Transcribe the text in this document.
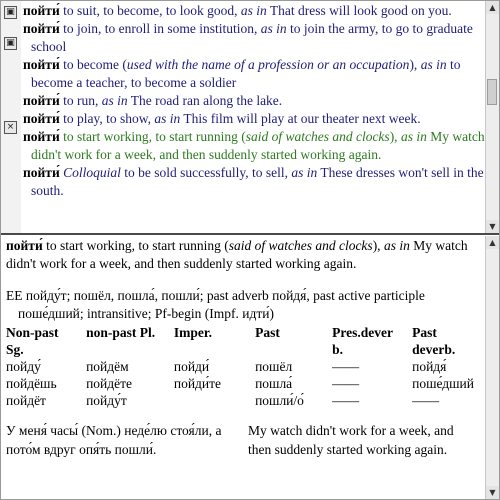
▣
▣
×

пойти́ to suit, to become, to look good, as in That dress will look good on you.

пойти́ to join, to enroll in some institution, as in to join the army, to go to graduate school

пойти́ to become (used with the name of a profession or an occupation), as in to become a teacher, to become a soldier

пойти́ to run, as in The road ran along the lake.

пойти́ to play, to show, as in This film will play at our theater next week.

пойти́ to start working, to start running (said of watches and clocks), as in My watch didn't work for a week, and then suddenly started working again.

пойти́ Colloquial to be sold successfully, to sell, as in These dresses won't sell in the south.

▲
▼

пойти́ to start working, to start running (said of watches and clocks), as in My watch didn't work for a week, and then suddenly started working again.

EE пойду́т; пошёл, пошла́, пошли́; past adverb пойдя́, past active participle поше́дший; intransitive; Pf-begin (Impf. идти́)

Non-past Sg.	non-past Pl.	Imper.	Past	Pres.dever b.	Past deverb.
пойду́	пойдём	пойди́	пошёл	——	пойдя́
пойдёшь	пойдёте	пойди́те	пошла́	——	поше́дший
пойдёт	пойду́т		пошли́/о́	——	——
У меня́ часы́ (Nom.) неде́лю стоя́ли, а пото́м вдруг опя́ть пошли́.
My watch didn't work for a week, and then suddenly started working again.
▲
▼
